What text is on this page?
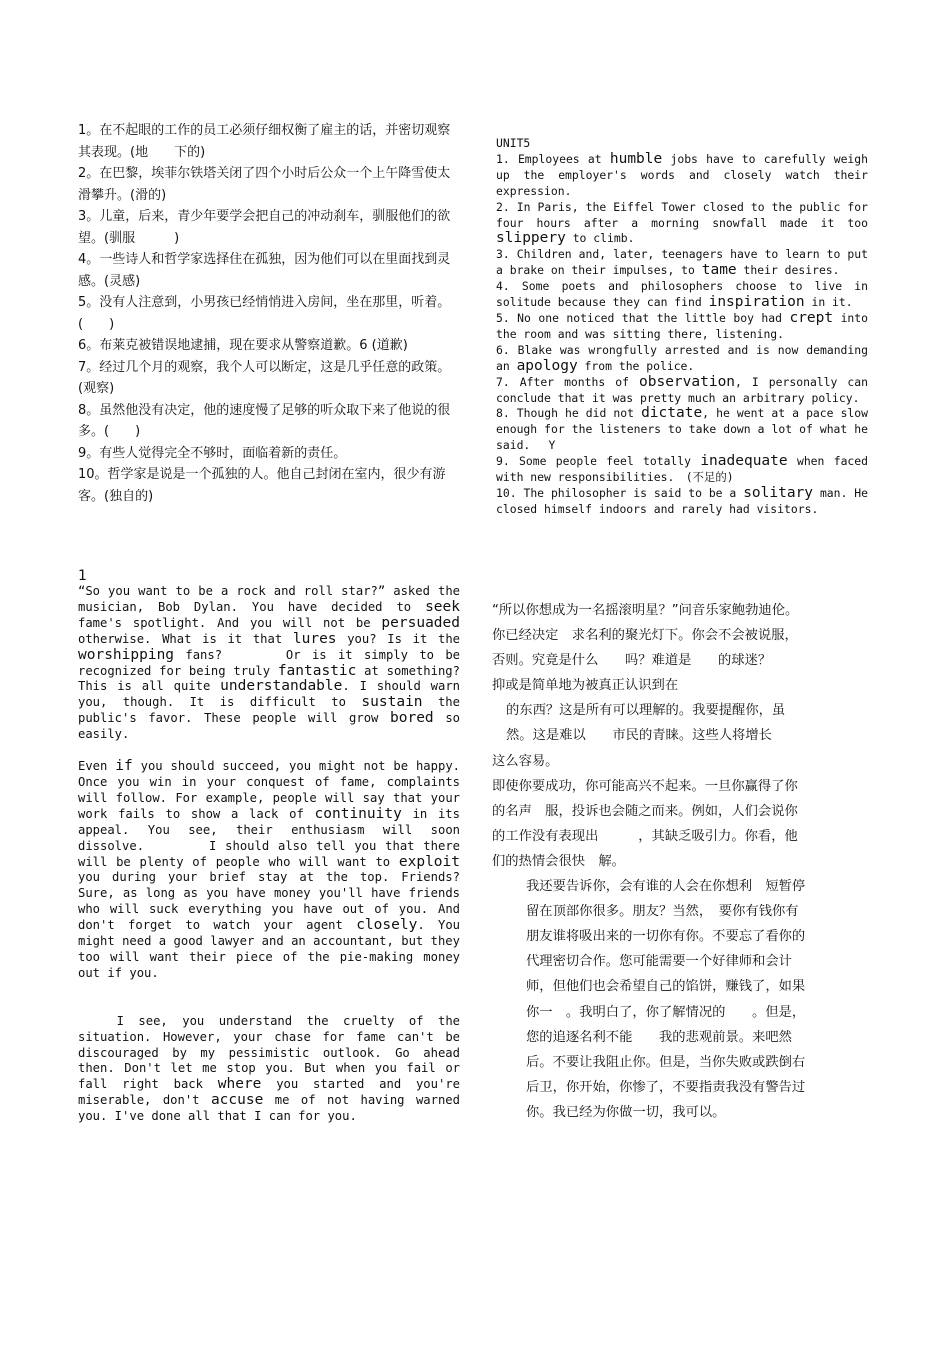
1。在不起眼的工作的员工必须仔细权衡了雇主的话，并密切观察其表现。(地　　下的)

2。在巴黎，埃菲尔铁塔关闭了四个小时后公众一个上午降雪使太滑攀升。(滑的)

3。儿童，后来，青少年要学会把自己的冲动刹车，驯服他们的欲望。(驯服　　　)

4。一些诗人和哲学家选择住在孤独，因为他们可以在里面找到灵感。(灵感)

5。没有人注意到，小男孩已经悄悄进入房间，坐在那里，听着。(　　)

6。布莱克被错误地逮捕，现在要求从警察道歉。6 (道歉)

7。经过几个月的观察，我个人可以断定，这是几乎任意的政策。(观察)

8。虽然他没有决定，他的速度慢了足够的听众取下来了他说的很多。(　　)

9。有些人觉得完全不够时，面临着新的责任。

10。哲学家是说是一个孤独的人。他自己封闭在室内，很少有游客。(独自的)

UNIT5

1. Employees at humble jobs have to carefully weigh up the employer's words and closely watch their expression.

2. In Paris, the Eiffel Tower closed to the public for four hours after a morning snowfall made it too slippery to climb.

3. Children and, later, teenagers have to learn to put a brake on their impulses, to tame their desires.

4. Some poets and philosophers choose to live in solitude because they can find inspiration in it.

5. No one noticed that the little boy had crept into the room and was sitting there, listening.

6. Blake was wrongfully arrested and is now demanding an apology from the police.

7. After months of observation, I personally can conclude that it was pretty much an arbitrary policy.

8. Though he did not dictate, he went at a pace slow enough for the listeners to take down a lot of what he said.　 Y

9. Some people feel totally inadequate when faced with new responsibilities.　(不足的)

10. The philosopher is said to be a solitary man. He closed himself indoors and rarely had visitors.

1

“So you want to be a rock and roll star?” asked the musician, Bob Dylan. You have decided to seek fame's spotlight. And you will not be persuaded otherwise. What is it that lures you? Is it the worshipping fans?　　　 Or is it simply to be recognized for being truly fantastic at something? This is all quite understandable. I should warn you, though. It is difficult to sustain the public's favor. These people will grow bored so easily.

Even if you should succeed, you might not be happy. Once you win in your conquest of fame, complaints will follow. For example, people will say that your work fails to show a lack of continuity in its appeal. You see, their enthusiasm will soon dissolve.　　　　 I should also tell you that there will be plenty of people who will want to exploit you during your brief stay at the top. Friends? Sure, as long as you have money you'll have friends who will suck everything you have out of you. And don't forget to watch your agent closely. You might need a good lawyer and an accountant, but they too will want their piece of the pie-making money out if you.

　　I see, you understand the cruelty of the situation. However, your chase for fame can't be discouraged by my pessimistic outlook. Go ahead then. Don't let me stop you. But when you fail or fall right back where you started and you're miserable, don't accuse me of not having warned you. I've done all that I can for you.

“所以你想成为一名摇滚明星？”问音乐家鲍勃迪伦。你已经决定　求名利的聚光灯下。你会不会被说服，否则。究竟是什么　　吗？难道是　　的球迷？　　　抑或是简单地为被真正认识到在

的东西？这是所有可以理解的。我要提醒你，虽然。这是难以　　市民的青睐。这些人将增长

这么容易。

即使你要成功，你可能高兴不起来。一旦你赢得了你的名声　服，投诉也会随之而来。例如，人们会说你的工作没有表现出　　　，其缺乏吸引力。你看，他们的热情会很快　解。

我还要告诉你，会有谁的人会在你想利　短暂停留在顶部你很多。朋友？当然，　要你有钱你有朋友谁将吸出来的一切你有你。不要忘了看你的代理密切合作。您可能需要一个好律师和会计师，但他们也会希望自己的馅饼，赚钱了，如果你一　。我明白了，你了解情况的　　。但是，您的追逐名利不能　　我的悲观前景。来吧然后。不要让我阻止你。但是，当你失败或跌倒右后卫，你开始，你惨了，不要指责我没有警告过你。我已经为你做一切，我可以。
